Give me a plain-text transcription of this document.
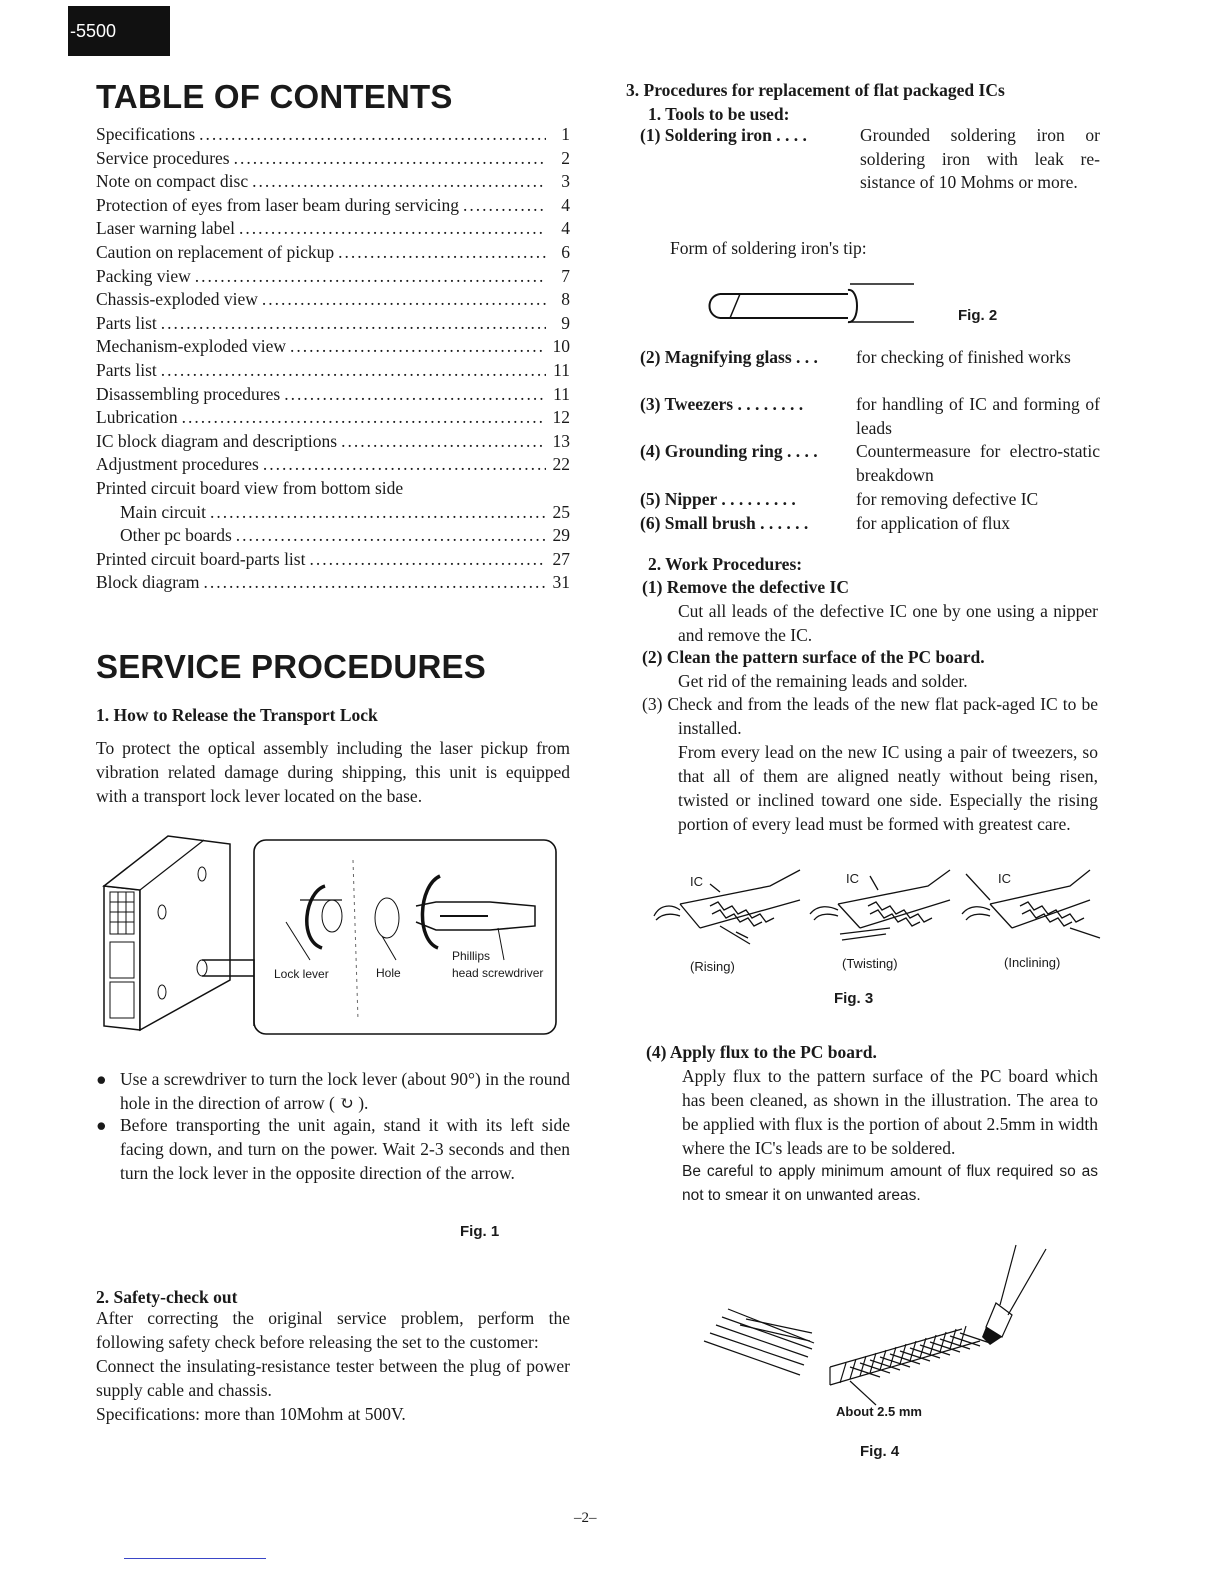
-5500
TABLE OF CONTENTS
Specifications .....	1
Service procedures .....	2
Note on compact disc .....	3
Protection of eyes from laser beam during servicing .....	4
Laser warning label .....	4
Caution on replacement of pickup .....	6
Packing view .....	7
Chassis-exploded view .....	8
Parts list .....	9
Mechanism-exploded view .....	10
Parts list .....	11
Disassembling procedures .....	11
Lubrication .....	12
IC block diagram and descriptions .....	13
Adjustment procedures .....	22
Printed circuit board view from bottom side
Main circuit .....	25
Other pc boards .....	29
Printed circuit board-parts list .....	27
Block diagram .....	31
SERVICE PROCEDURES
1. How to Release the Transport Lock
To protect the optical assembly including the laser pickup from vibration related damage during shipping, this unit is equipped with a transport lock lever located on the base.
Lock lever	Hole
Phillips
head screwdriver
● Use a screwdriver to turn the lock lever (about 90°) in the round hole in the direction of arrow ( ↻ ).
● Before transporting the unit again, stand it with its left side facing down, and turn on the power. Wait 2-3 seconds and then turn the lock lever in the opposite direction of the arrow.
Fig. 1
2. Safety-check out
After correcting the original service problem, perform the following safety check before releasing the set to the customer:
Connect the insulating-resistance tester between the plug of power supply cable and chassis.
Specifications: more than 10Mohm at 500V.
3. Procedures for replacement of flat packaged ICs
1. Tools to be used:
(1) Soldering iron . . . .	Grounded soldering iron or soldering iron with leak re-sistance of 10 Mohms or more.
Form of soldering iron's tip:
Fig. 2
(2) Magnifying glass . . . for checking of finished works
(3) Tweezers . . . . . . . .	for handling of IC and forming of leads
(4) Grounding ring . . . . Countermeasure for electro-static breakdown
(5) Nipper . . . . . . . . .	for removing defective IC
(6) Small brush . . . . . .	for application of flux
2. Work Procedures:
(1) Remove the defective IC
Cut all leads of the defective IC one by one using a nipper and remove the IC.
(2) Clean the pattern surface of the PC board.
Get rid of the remaining leads and solder.
(3) Check and from the leads of the new flat pack-aged IC to be installed.
From every lead on the new IC using a pair of tweezers, so that all of them are aligned neatly without being risen, twisted or inclined toward one side. Especially the rising portion of every lead must be formed with greatest care.
IC	IC	IC
(Rising)	(Twisting)	(Inclining)
Fig. 3
(4) Apply flux to the PC board.
Apply flux to the pattern surface of the PC board which has been cleaned, as shown in the illustration. The area to be applied with flux is the portion of about 2.5mm in width where the IC's leads are to be soldered.
Be careful to apply minimum amount of flux required so as not to smear it on unwanted areas.
About 2.5 mm
Fig. 4
–2–
